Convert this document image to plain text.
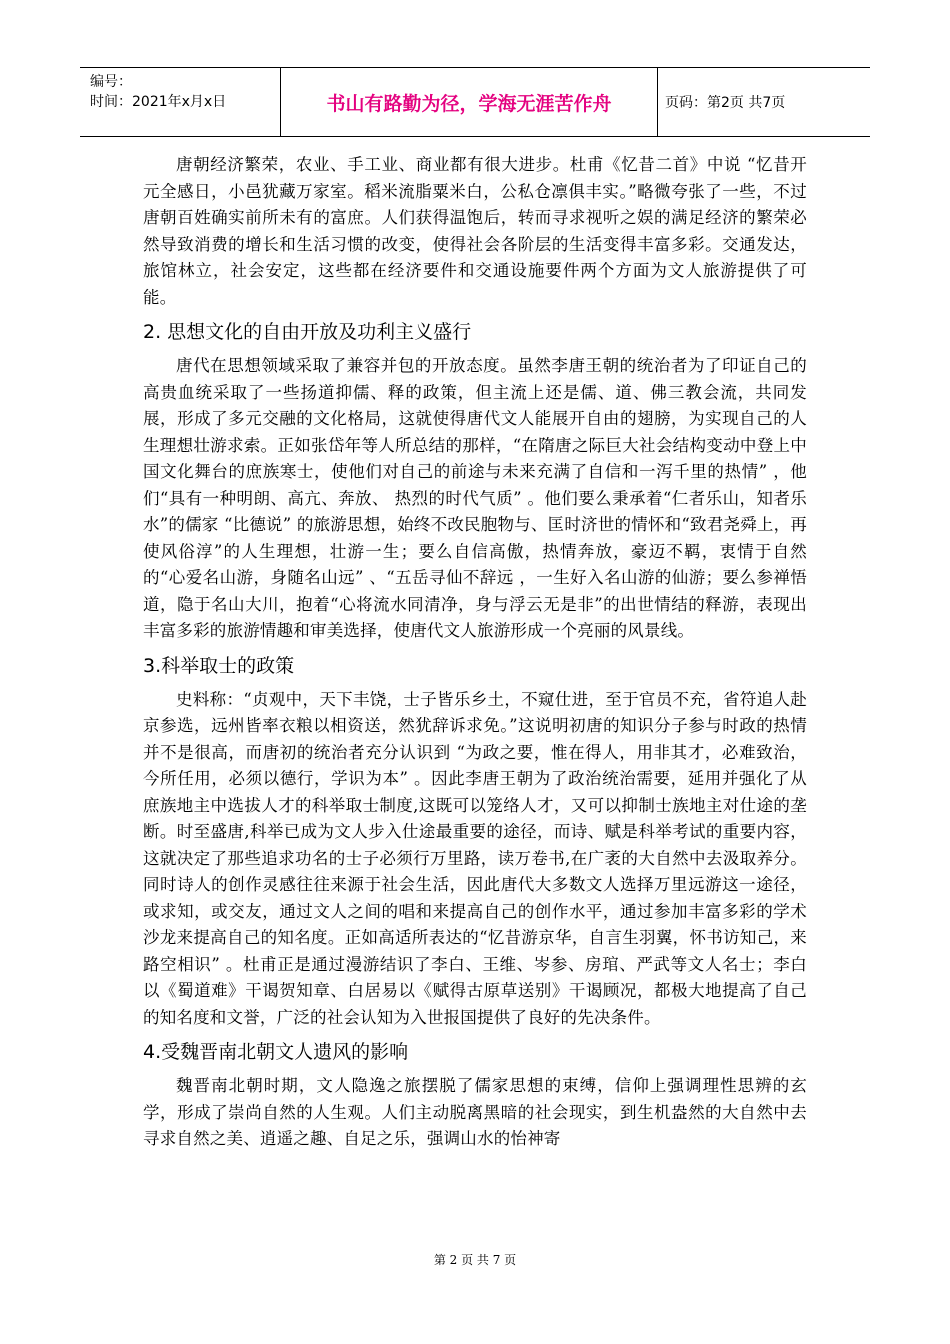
编号：
时间：2021年x月x日	书山有路勤为径，学海无涯苦作舟	页码：第2页 共7页

唐朝经济繁荣，农业、手工业、商业都有很大进步。杜甫《忆昔二首》中说 “忆昔开元全感日，小邑犹藏万家室。稻米流脂粟米白，公私仓凛俱丰实。”略微夸张了一些，不过唐朝百姓确实前所未有的富庶。人们获得温饱后，转而寻求视听之娱的满足经济的繁荣必然导致消费的增长和生活习惯的改变，使得社会各阶层的生活变得丰富多彩。交通发达，旅馆林立，社会安定，这些都在经济要件和交通设施要件两个方面为文人旅游提供了可能。

2. 思想文化的自由开放及功利主义盛行

唐代在思想领域采取了兼容并包的开放态度。虽然李唐王朝的统治者为了印证自己的高贵血统采取了一些扬道抑儒、释的政策，但主流上还是儒、道、佛三教会流，共同发展，形成了多元交融的文化格局，这就使得唐代文人能展开自由的翅膀，为实现自己的人生理想壮游求索。正如张岱年等人所总结的那样，“在隋唐之际巨大社会结构变动中登上中国文化舞台的庶族寒士，使他们对自己的前途与未来充满了自信和一泻千里的热情” ，他们“具有一种明朗、高亢、奔放、 热烈的时代气质” 。他们要么秉承着“仁者乐山，知者乐水”的儒家 “比德说” 的旅游思想，始终不改民胞物与、匡时济世的情怀和“致君尧舜上，再使风俗淳”的人生理想，壮游一生；要么自信高傲，热情奔放，豪迈不羁，衷情于自然的“心爱名山游，身随名山远” 、“五岳寻仙不辞远 ，一生好入名山游的仙游；要么参禅悟道，隐于名山大川，抱着“心将流水同清净，身与浮云无是非”的出世情结的释游，表现出丰富多彩的旅游情趣和审美选择，使唐代文人旅游形成一个亮丽的风景线。

3.科举取士的政策

史料称：“贞观中，天下丰饶，士子皆乐乡土，不窥仕进，至于官员不充，省符追人赴京参选，远州皆率衣粮以相资送，然犹辞诉求免。”这说明初唐的知识分子参与时政的热情并不是很高，而唐初的统治者充分认识到 “为政之要，惟在得人，用非其才，必难致治，今所任用，必须以德行，学识为本” 。因此李唐王朝为了政治统治需要，延用并强化了从庶族地主中选拔人才的科举取士制度,这既可以笼络人才，又可以抑制士族地主对仕途的垄断。时至盛唐,科举已成为文人步入仕途最重要的途径，而诗、赋是科举考试的重要内容，这就决定了那些追求功名的士子必须行万里路，读万卷书,在广袤的大自然中去汲取养分。同时诗人的创作灵感往往来源于社会生活，因此唐代大多数文人选择万里远游这一途径，或求知，或交友，通过文人之间的唱和来提高自己的创作水平，通过参加丰富多彩的学术沙龙来提高自己的知名度。正如高适所表达的“忆昔游京华，自言生羽翼，怀书访知己，来路空相识” 。杜甫正是通过漫游结识了李白、王维、岑参、房琯、严武等文人名士；李白以《蜀道难》干谒贺知章、白居易以《赋得古原草送别》干谒顾况，都极大地提高了自己的知名度和文誉，广泛的社会认知为入世报国提供了良好的先决条件。

4.受魏晋南北朝文人遗风的影响

魏晋南北朝时期，文人隐逸之旅摆脱了儒家思想的束缚，信仰上强调理性思辨的玄学，形成了崇尚自然的人生观。人们主动脱离黑暗的社会现实，到生机盎然的大自然中去寻求自然之美、逍遥之趣、自足之乐，强调山水的怡神寄

第 2 页 共 7 页
